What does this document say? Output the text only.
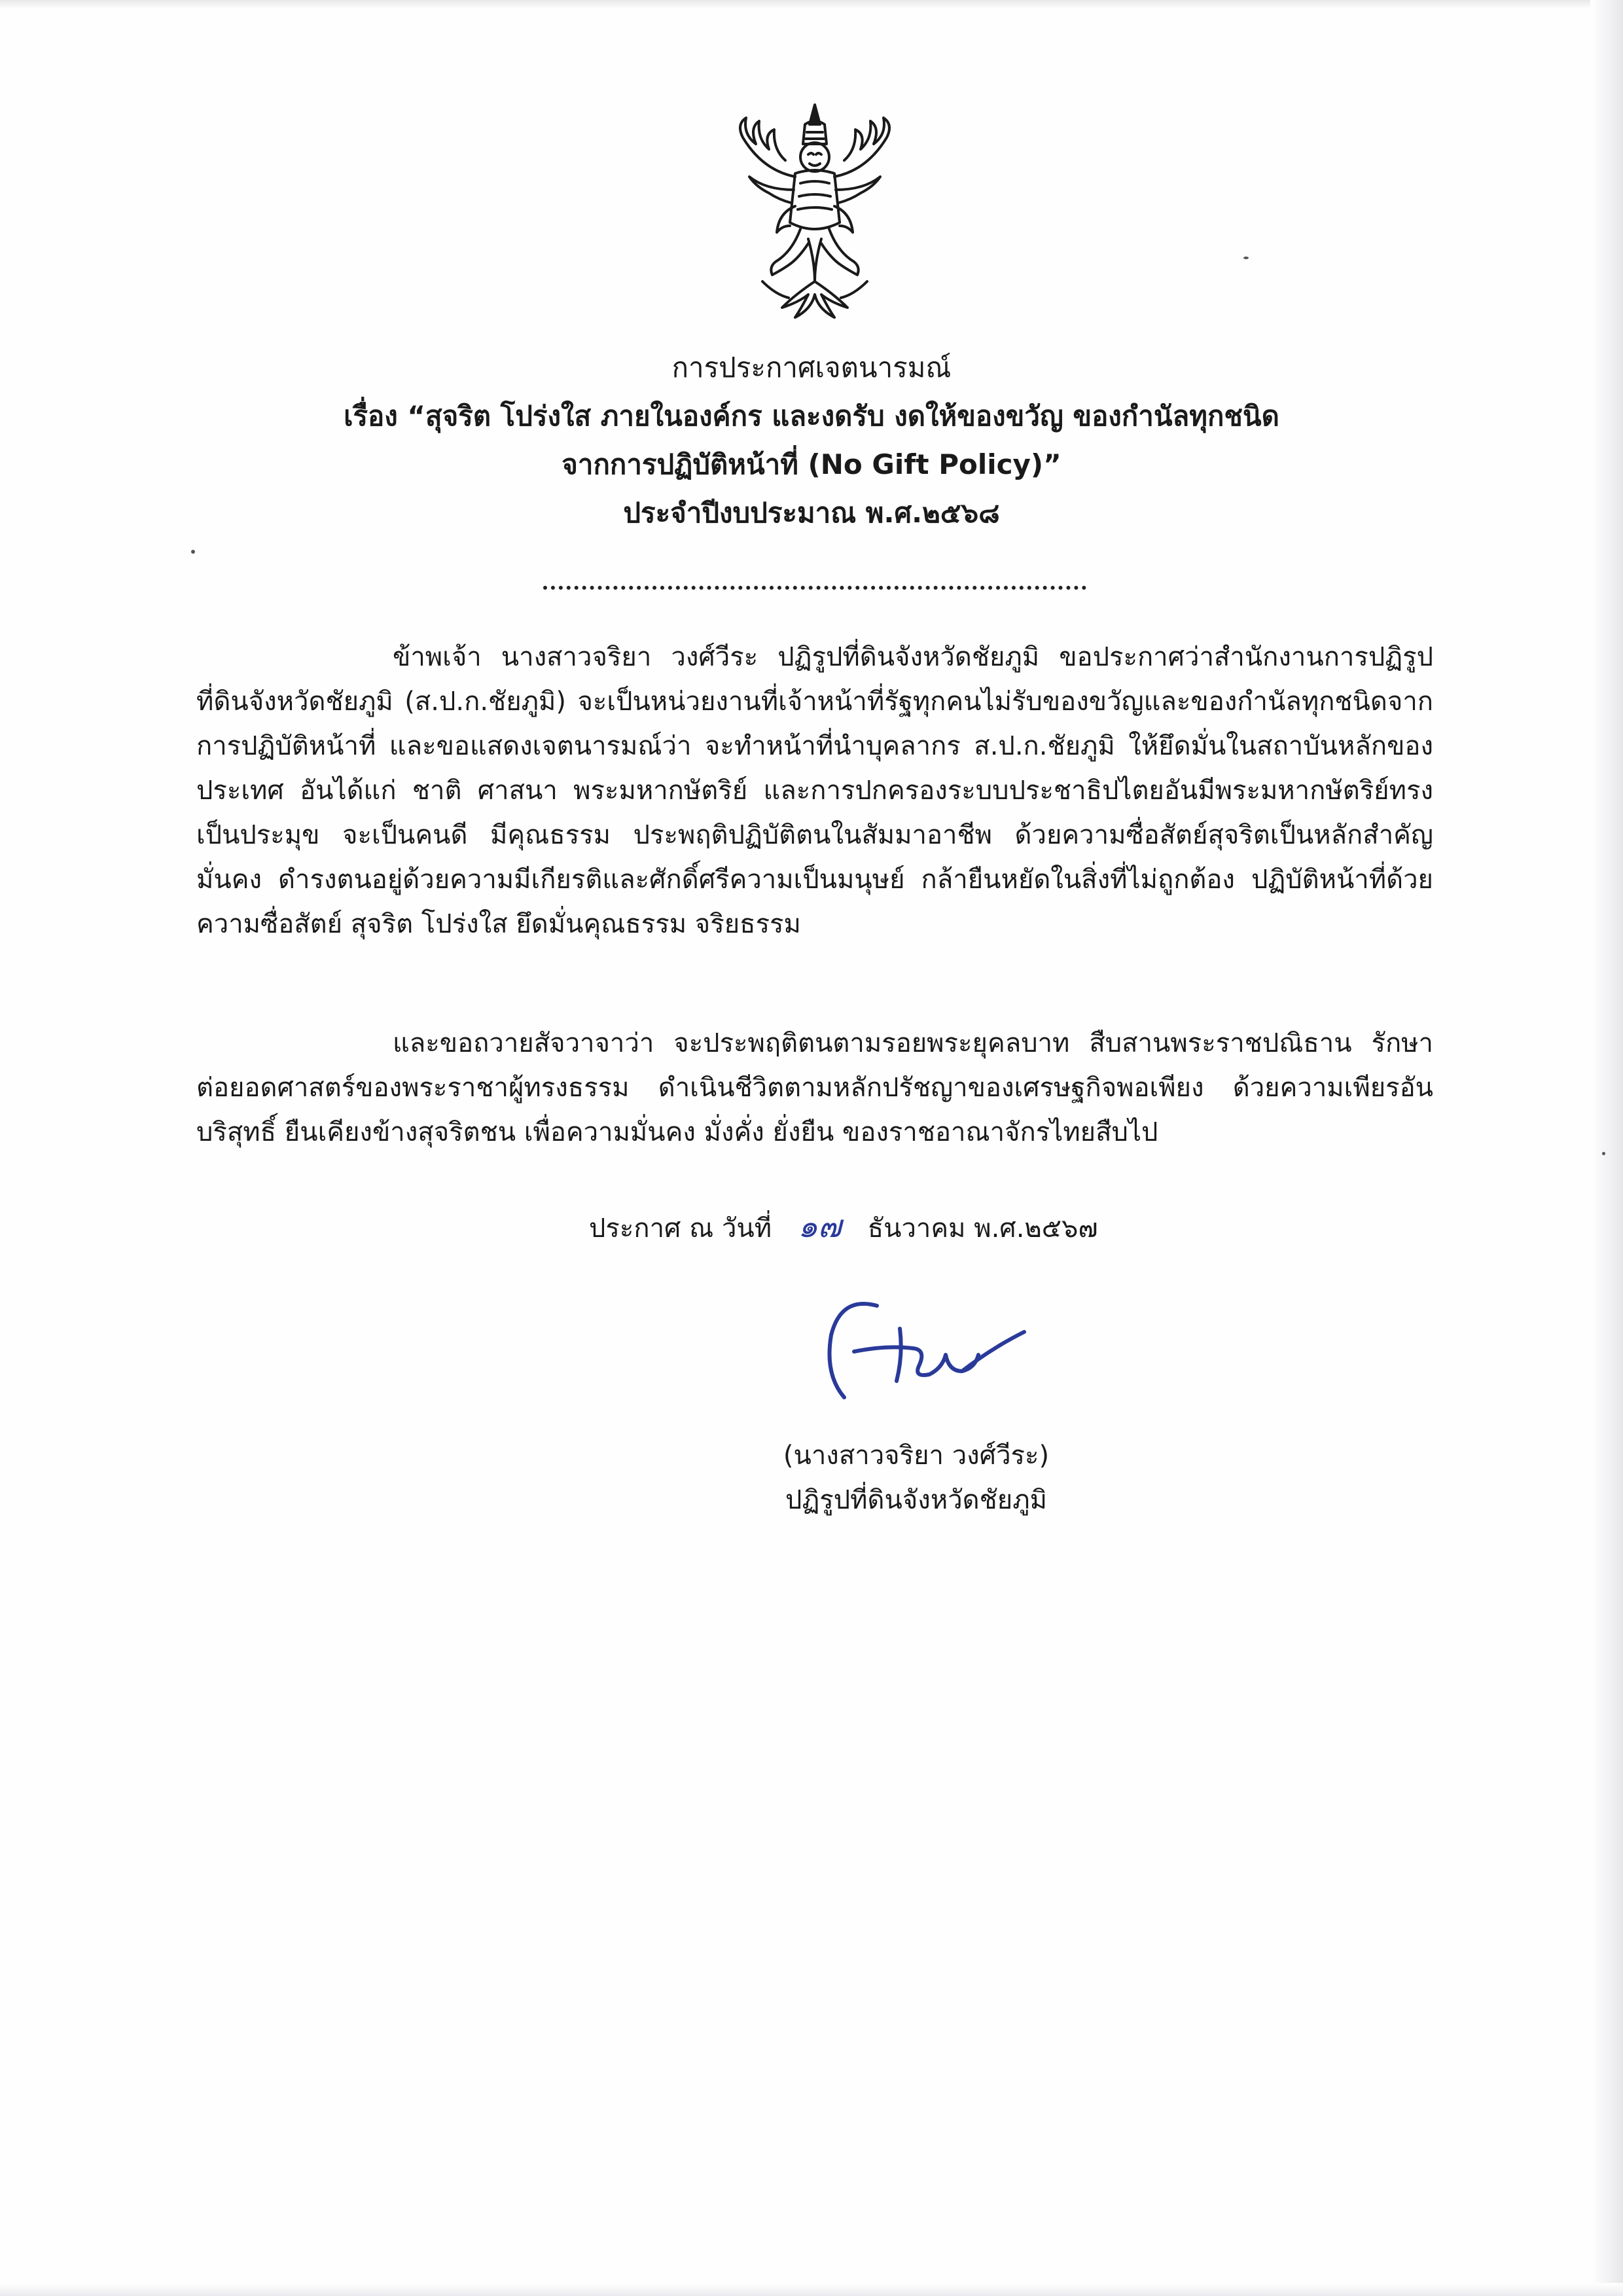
การประกาศเจตนารมณ์
เรื่อง “สุจริต โปร่งใส ภายในองค์กร และงดรับ งดให้ของขวัญ ของกำนัลทุกชนิด
จากการปฏิบัติหน้าที่ (No Gift Policy)”
ประจำปีงบประมาณ พ.ศ.๒๕๖๘
ข้าพเจ้า นางสาวจริยา วงศ์วีระ ปฏิรูปที่ดินจังหวัดชัยภูมิ ขอประกาศว่าสำนักงานการปฏิรูปที่ดินจังหวัดชัยภูมิ (ส.ป.ก.ชัยภูมิ) จะเป็นหน่วยงานที่เจ้าหน้าที่รัฐทุกคนไม่รับของขวัญและของกำนัลทุกชนิดจากการปฏิบัติหน้าที่ และขอแสดงเจตนารมณ์ว่า จะทำหน้าที่นำบุคลากร ส.ป.ก.ชัยภูมิ ให้ยึดมั่นในสถาบันหลักของประเทศ อันได้แก่ ชาติ ศาสนา พระมหากษัตริย์ และการปกครองระบบประชาธิปไตยอันมีพระมหากษัตริย์ทรงเป็นประมุข จะเป็นคนดี มีคุณธรรม ประพฤติปฏิบัติตนในสัมมาอาชีพ ด้วยความซื่อสัตย์สุจริตเป็นหลักสำคัญมั่นคง ดำรงตนอยู่ด้วยความมีเกียรติและศักดิ์ศรีความเป็นมนุษย์ กล้ายืนหยัดในสิ่งที่ไม่ถูกต้อง ปฏิบัติหน้าที่ด้วยความซื่อสัตย์ สุจริต โปร่งใส ยึดมั่นคุณธรรม จริยธรรม
และขอถวายสัจวาจาว่า จะประพฤติตนตามรอยพระยุคลบาท สืบสานพระราชปณิธาน รักษาต่อยอดศาสตร์ของพระราชาผู้ทรงธรรม ดำเนินชีวิตตามหลักปรัชญาของเศรษฐกิจพอเพียง ด้วยความเพียรอันบริสุทธิ์ ยืนเคียงข้างสุจริตชน เพื่อความมั่นคง มั่งคั่ง ยั่งยืน ของราชอาณาจักรไทยสืบไป
ประกาศ ณ วันที่ ๑๗ ธันวาคม พ.ศ.๒๕๖๗
(นางสาวจริยา วงศ์วีระ)
ปฏิรูปที่ดินจังหวัดชัยภูมิ
